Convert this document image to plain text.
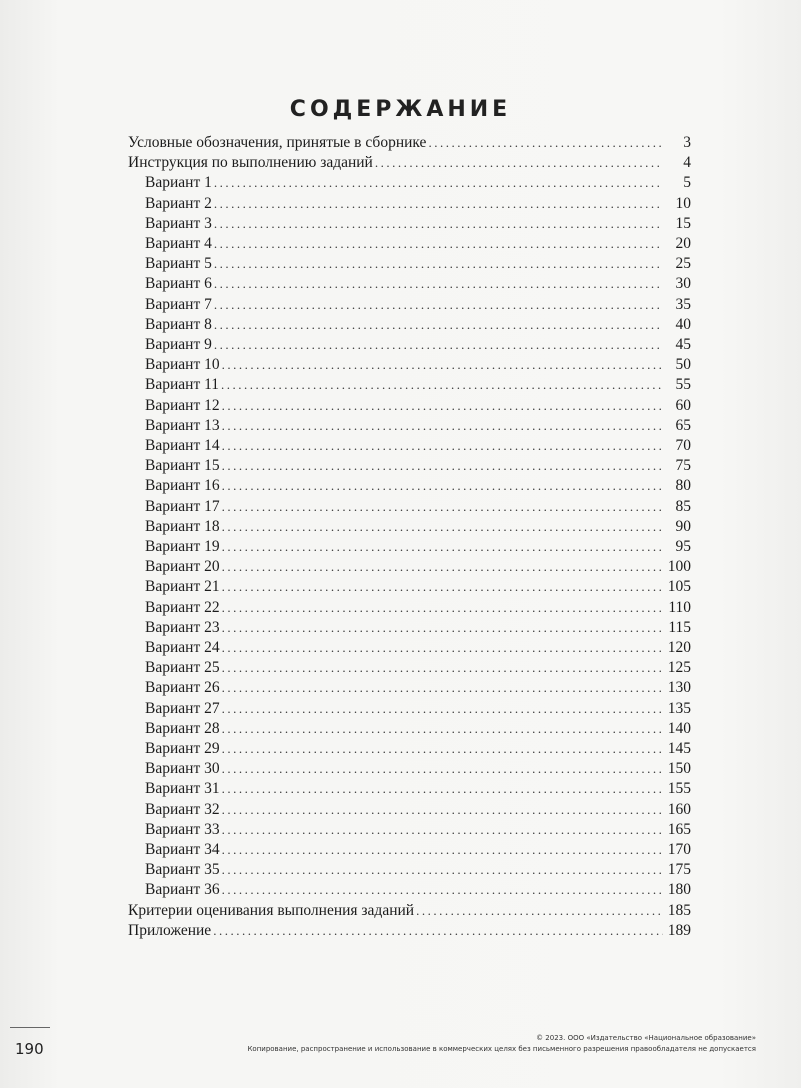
СОДЕРЖАНИЕ
Условные обозначения, принятые в сборнике .....	3
Инструкция по выполнению заданий .....	4
Вариант 1 .....	5
Вариант 2 .....	10
Вариант 3 .....	15
Вариант 4 .....	20
Вариант 5 .....	25
Вариант 6 .....	30
Вариант 7 .....	35
Вариант 8 .....	40
Вариант 9 .....	45
Вариант 10 .....	50
Вариант 11 .....	55
Вариант 12 .....	60
Вариант 13 .....	65
Вариант 14 .....	70
Вариант 15 .....	75
Вариант 16 .....	80
Вариант 17 .....	85
Вариант 18 .....	90
Вариант 19 .....	95
Вариант 20 .....	100
Вариант 21 .....	105
Вариант 22 .....	110
Вариант 23 .....	115
Вариант 24 .....	120
Вариант 25 .....	125
Вариант 26 .....	130
Вариант 27 .....	135
Вариант 28 .....	140
Вариант 29 .....	145
Вариант 30 .....	150
Вариант 31 .....	155
Вариант 32 .....	160
Вариант 33 .....	165
Вариант 34 .....	170
Вариант 35 .....	175
Вариант 36 .....	180
Критерии оценивания выполнения заданий .....	185
Приложение .....	189
190
© 2023. ООО «Издательство «Национальное образование»
Копирование, распространение и использование в коммерческих целях без письменного разрешения правообладателя не допускается
